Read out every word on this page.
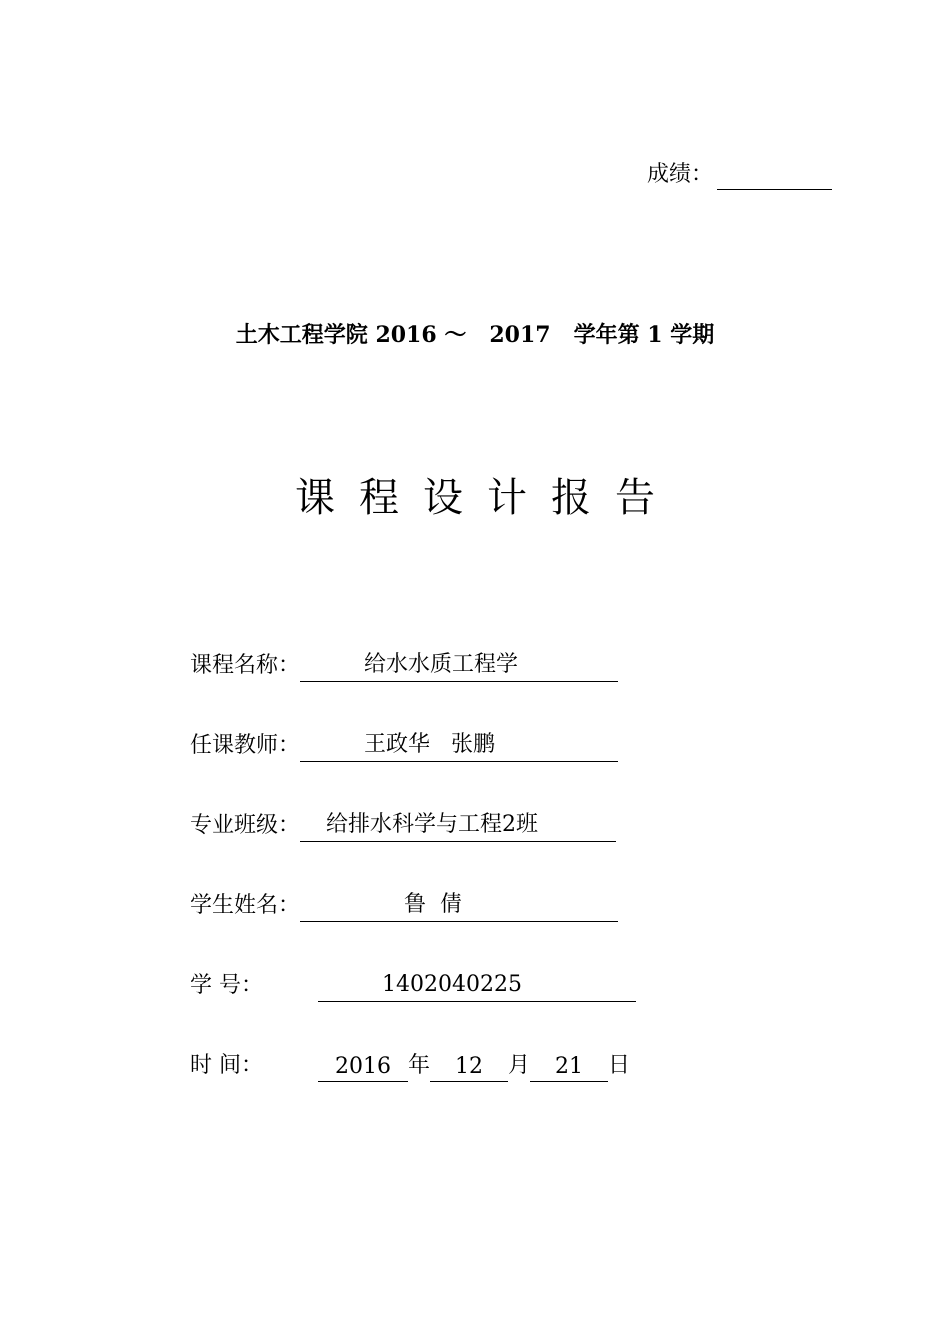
成绩：
土木工程学院 2016 ～ 2017 学年第 1 学期
课程设计报告
课程名称：	给水水质工程学
任课教师：	王政华   张鹏
专业班级： 给排水科学与工程2班
学生姓名：	鲁  倩
学 号：	1402040225
时 间：	2016 年 12 月 21 日
